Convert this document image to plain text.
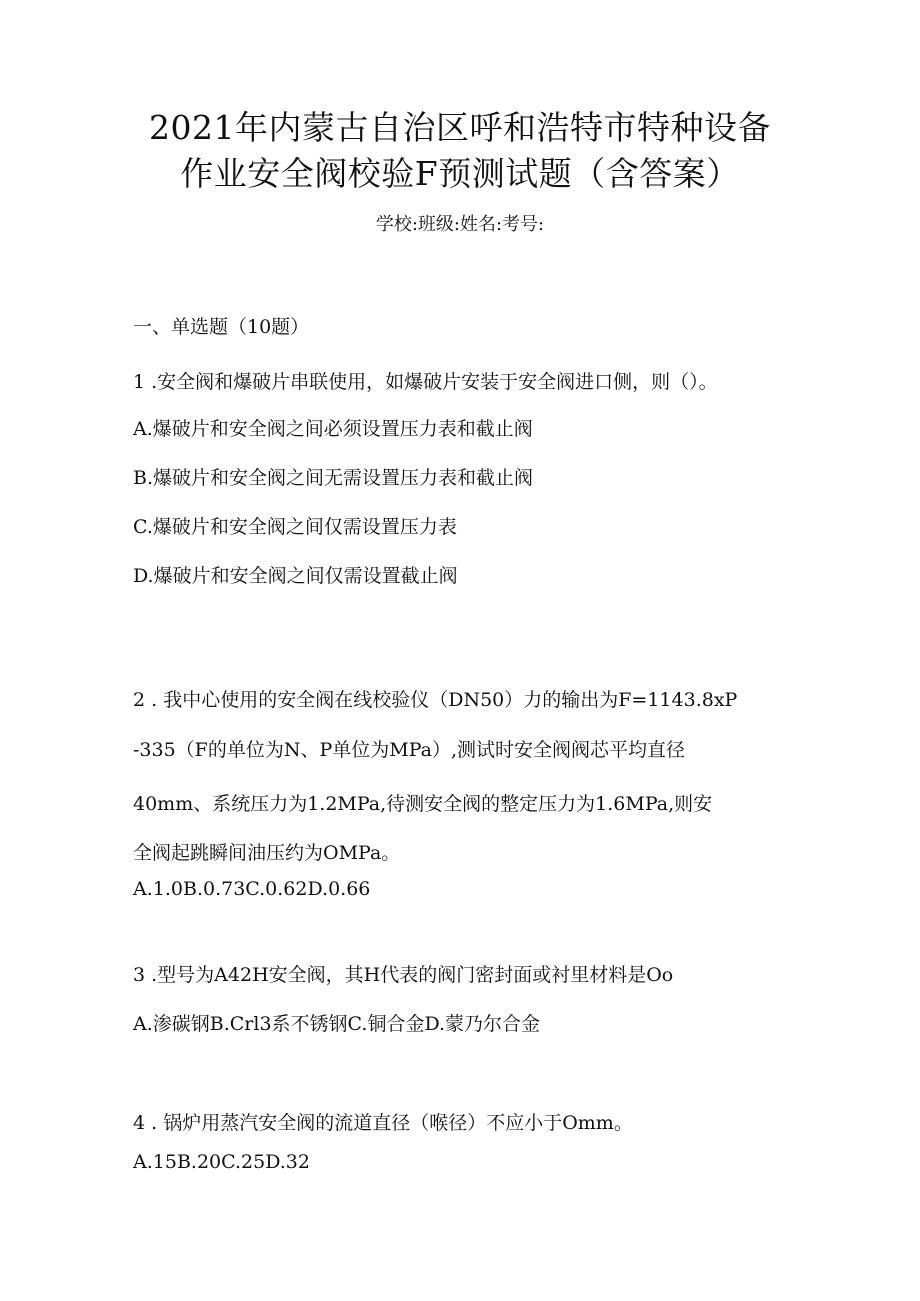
2021年内蒙古自治区呼和浩特市特种设备
作业安全阀校验F预测试题（含答案）
学校:班级:姓名:考号:
一、单选题（10题）
1 .安全阀和爆破片串联使用，如爆破片安装于安全阀进口侧，则（）。
A.爆破片和安全阀之间必须设置压力表和截止阀
B.爆破片和安全阀之间无需设置压力表和截止阀
C.爆破片和安全阀之间仅需设置压力表
D.爆破片和安全阀之间仅需设置截止阀
2 . 我中心使用的安全阀在线校验仪（DN50）力的输出为F=1143.8xP
-335（F的单位为N、P单位为MPa）,测试时安全阀阀芯平均直径
40mm、系统压力为1.2MPa,待测安全阀的整定压力为1.6MPa,则安
全阀起跳瞬间油压约为OMPa。
A.1.0B.0.73C.0.62D.0.66
3 .型号为A42H安全阀，其H代表的阀门密封面或衬里材料是Oo
A.渗碳钢B.Crl3系不锈钢C.铜合金D.蒙乃尔合金
4 . 锅炉用蒸汽安全阀的流道直径（喉径）不应小于Omm。
A.15B.20C.25D.32
